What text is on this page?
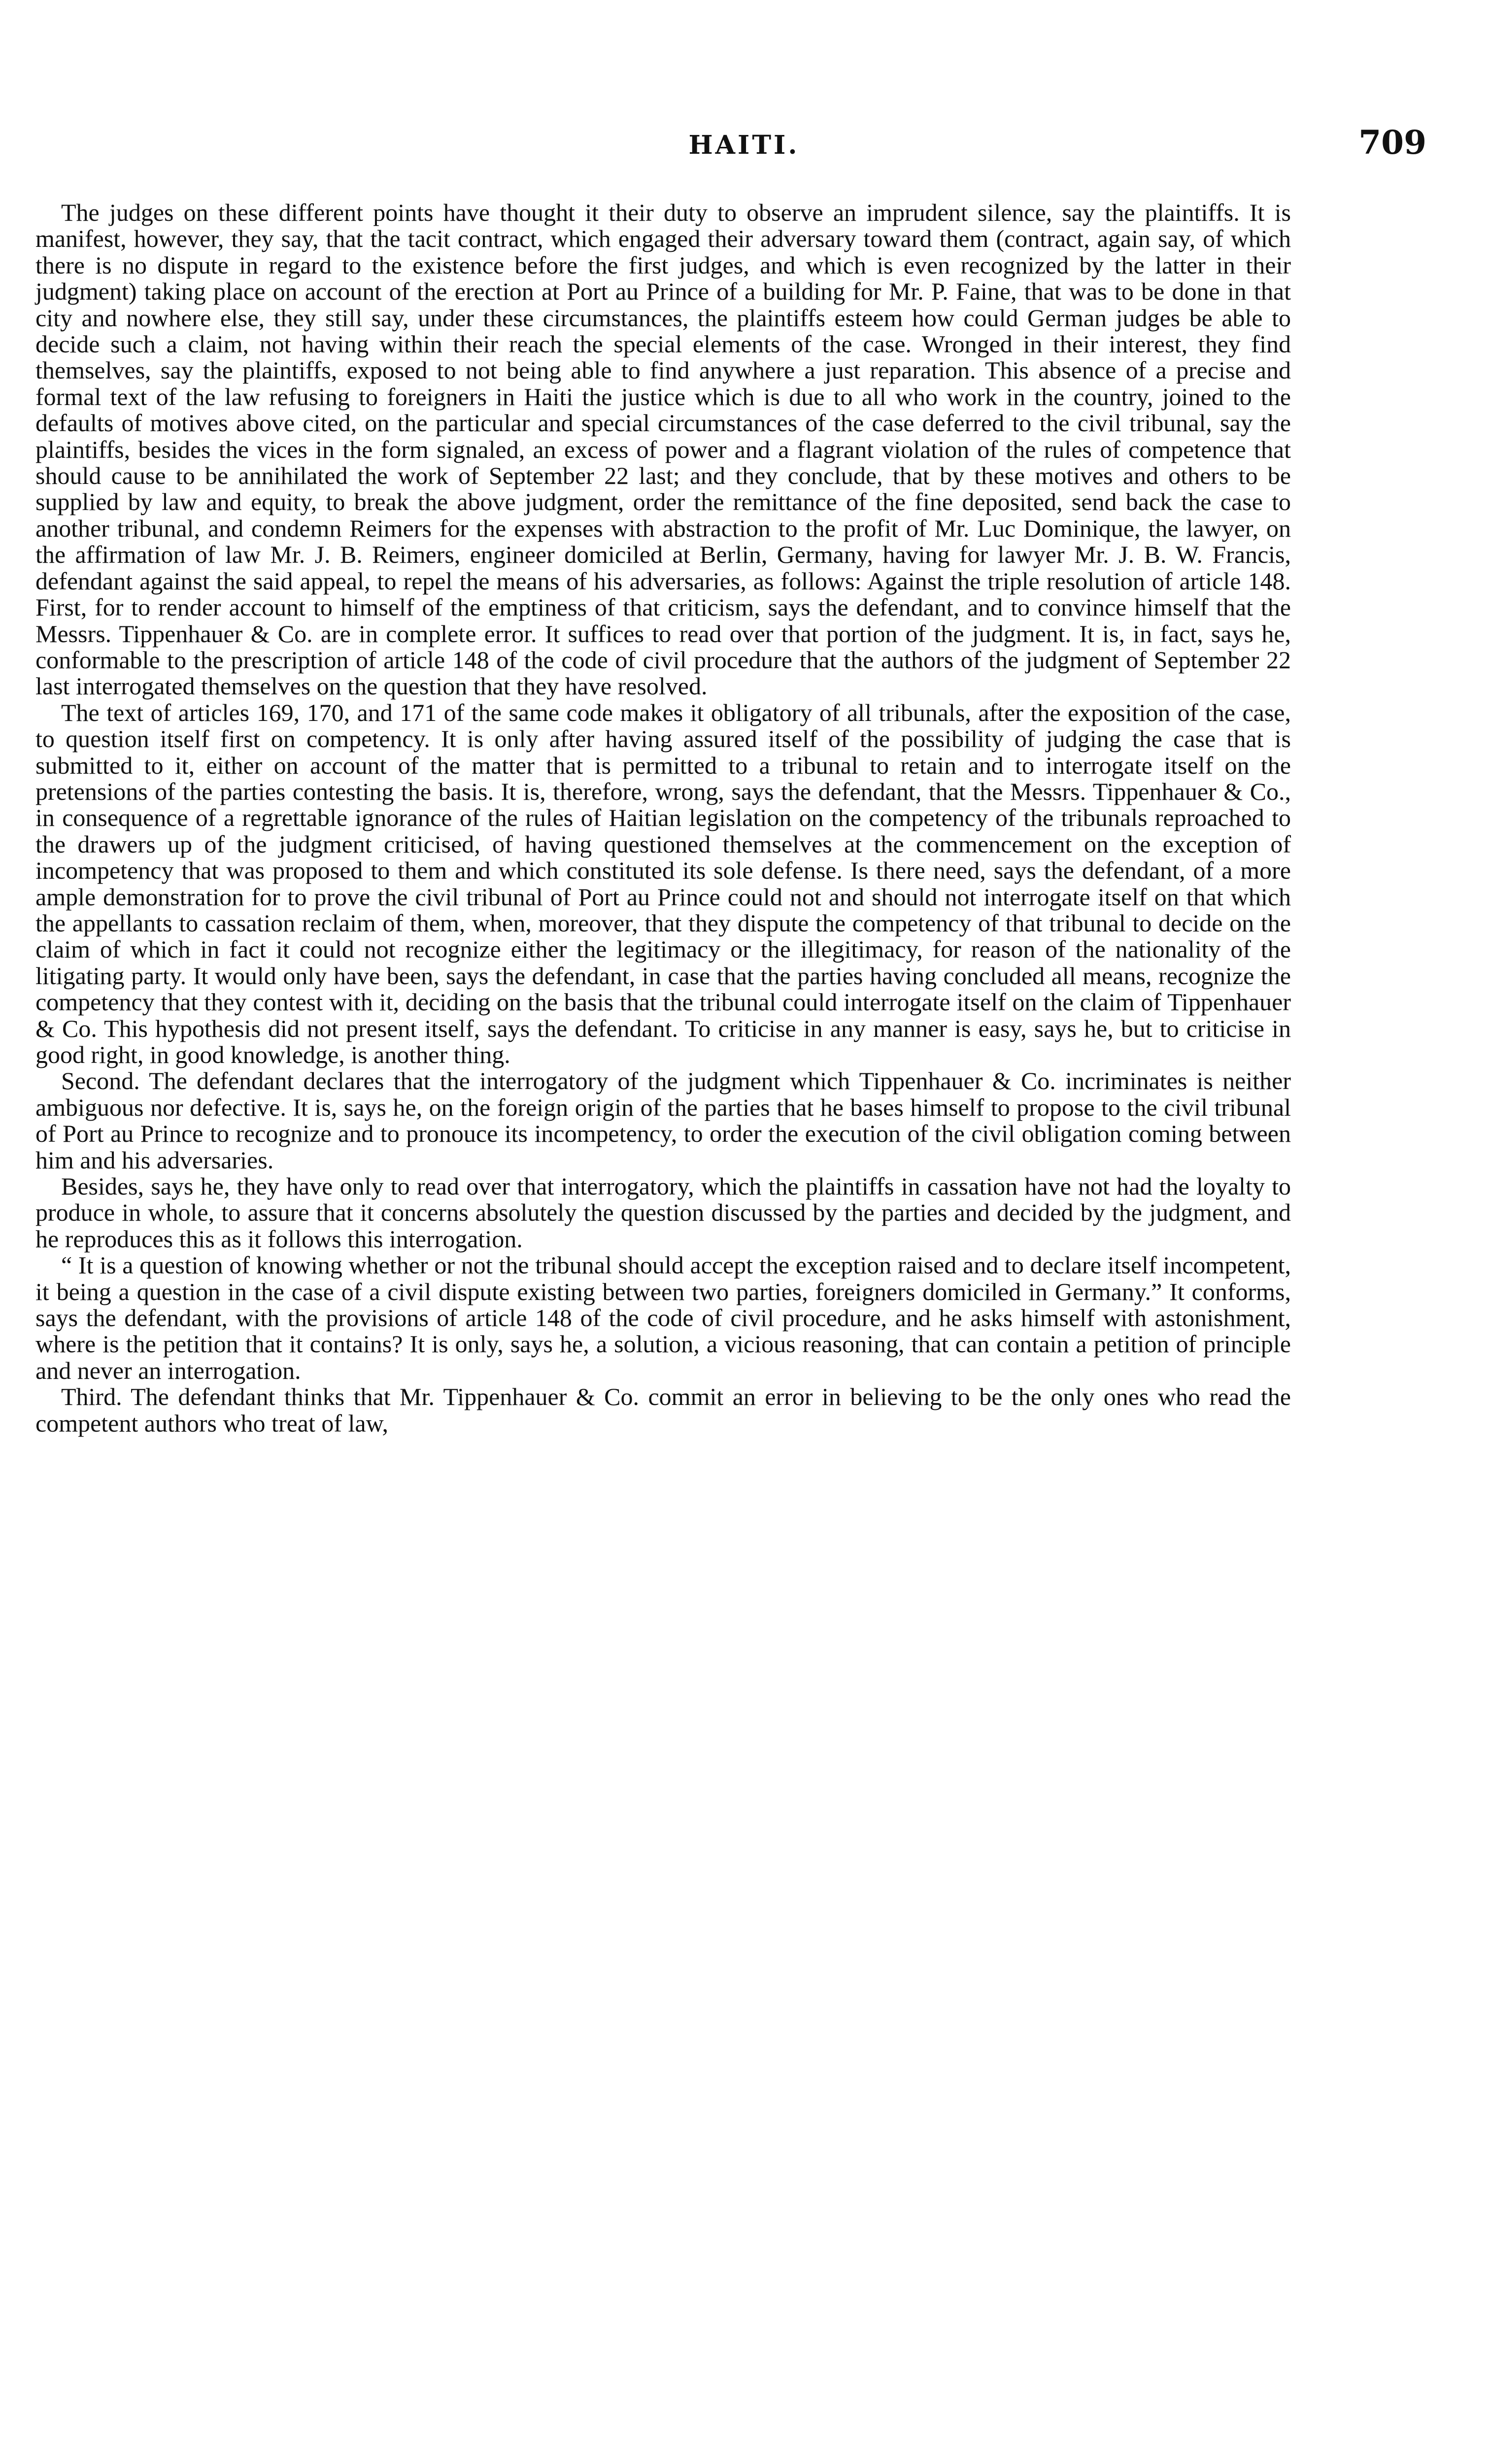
HAITI.	709

The judges on these different points have thought it their duty to observe an imprudent silence, say the plaintiffs. It is manifest, however, they say, that the tacit contract, which engaged their adversary toward them (contract, again say, of which there is no dispute in regard to the existence before the first judges, and which is even recognized by the latter in their judgment) taking place on account of the erection at Port au Prince of a building for Mr. P. Faine, that was to be done in that city and nowhere else, they still say, under these circumstances, the plaintiffs esteem how could German judges be able to decide such a claim, not having within their reach the special elements of the case. Wronged in their interest, they find themselves, say the plaintiffs, exposed to not being able to find anywhere a just reparation. This absence of a precise and formal text of the law refusing to foreigners in Haiti the justice which is due to all who work in the country, joined to the defaults of motives above cited, on the particular and special circumstances of the case deferred to the civil tribunal, say the plaintiffs, besides the vices in the form signaled, an excess of power and a flagrant violation of the rules of competence that should cause to be annihilated the work of September 22 last; and they conclude, that by these motives and others to be supplied by law and equity, to break the above judgment, order the remittance of the fine deposited, send back the case to another tribunal, and condemn Reimers for the expenses with abstraction to the profit of Mr. Luc Dominique, the lawyer, on the affirmation of law Mr. J. B. Reimers, engineer domiciled at Berlin, Germany, having for lawyer Mr. J. B. W. Francis, defendant against the said appeal, to repel the means of his adversaries, as follows: Against the triple resolution of article 148. First, for to render account to himself of the emptiness of that criticism, says the defendant, and to convince himself that the Messrs. Tippenhauer & Co. are in complete error. It suffices to read over that portion of the judgment. It is, in fact, says he, conformable to the prescription of article 148 of the code of civil procedure that the authors of the judgment of September 22 last interrogated themselves on the question that they have resolved.

The text of articles 169, 170, and 171 of the same code makes it obligatory of all tribunals, after the exposition of the case, to question itself first on competency. It is only after having assured itself of the possibility of judging the case that is submitted to it, either on account of the matter that is permitted to a tribunal to retain and to interrogate itself on the pretensions of the parties contesting the basis. It is, therefore, wrong, says the defendant, that the Messrs. Tippenhauer & Co., in consequence of a regrettable ignorance of the rules of Haitian legislation on the competency of the tribunals reproached to the drawers up of the judgment criticised, of having questioned themselves at the commencement on the exception of incompetency that was proposed to them and which constituted its sole defense. Is there need, says the defendant, of a more ample demonstration for to prove the civil tribunal of Port au Prince could not and should not interrogate itself on that which the appellants to cassation reclaim of them, when, moreover, that they dispute the competency of that tribunal to decide on the claim of which in fact it could not recognize either the legitimacy or the illegitimacy, for reason of the nationality of the litigating party. It would only have been, says the defendant, in case that the parties having concluded all means, recognize the competency that they contest with it, deciding on the basis that the tribunal could interrogate itself on the claim of Tippenhauer & Co. This hypothesis did not present itself, says the defendant. To criticise in any manner is easy, says he, but to criticise in good right, in good knowledge, is another thing.

Second. The defendant declares that the interrogatory of the judgment which Tippenhauer & Co. incriminates is neither ambiguous nor defective. It is, says he, on the foreign origin of the parties that he bases himself to propose to the civil tribunal of Port au Prince to recognize and to pronouce its incompetency, to order the execution of the civil obligation coming between him and his adversaries.

Besides, says he, they have only to read over that interrogatory, which the plaintiffs in cassation have not had the loyalty to produce in whole, to assure that it concerns absolutely the question discussed by the parties and decided by the judgment, and he reproduces this as it follows this interrogation.

“ It is a question of knowing whether or not the tribunal should accept the exception raised and to declare itself incompetent, it being a question in the case of a civil dispute existing between two parties, foreigners domiciled in Germany.” It conforms, says the defendant, with the provisions of article 148 of the code of civil procedure, and he asks himself with astonishment, where is the petition that it contains? It is only, says he, a solution, a vicious reasoning, that can contain a petition of principle and never an interrogation.

Third. The defendant thinks that Mr. Tippenhauer & Co. commit an error in believing to be the only ones who read the competent authors who treat of law,
